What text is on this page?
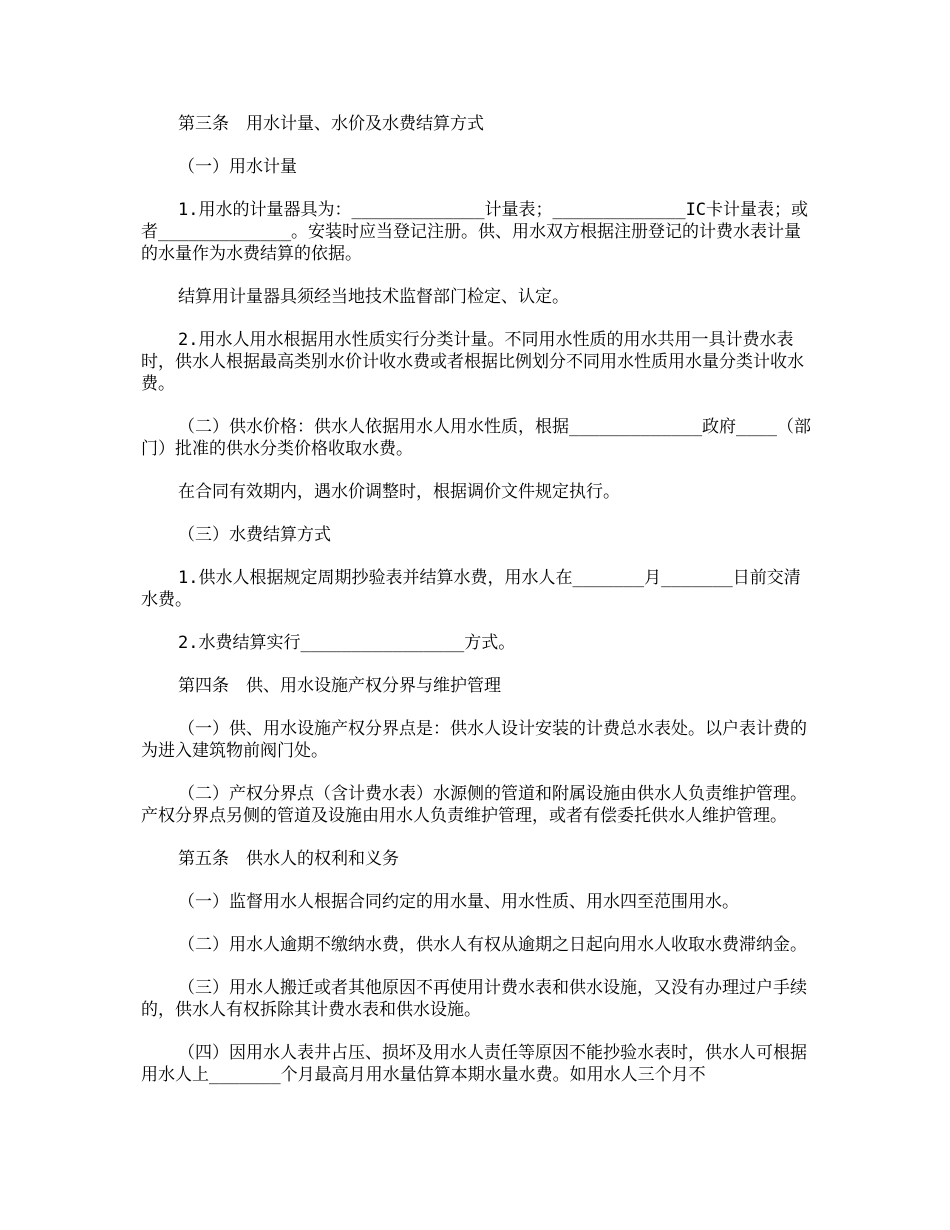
第三条　用水计量、水价及水费结算方式

（一）用水计量

1.用水的计量器具为：_____________计量表；_____________IC卡计量表；或者_____________。安装时应当登记注册。供、用水双方根据注册登记的计费水表计量的水量作为水费结算的依据。

结算用计量器具须经当地技术监督部门检定、认定。

2.用水人用水根据用水性质实行分类计量。不同用水性质的用水共用一具计费水表时，供水人根据最高类别水价计收水费或者根据比例划分不同用水性质用水量分类计收水费。

（二）供水价格：供水人依据用水人用水性质，根据_____________政府____（部门）批准的供水分类价格收取水费。

在合同有效期内，遇水价调整时，根据调价文件规定执行。

（三）水费结算方式

1.供水人根据规定周期抄验表并结算水费，用水人在_______月_______日前交清水费。

2.水费结算实行________________方式。

第四条　供、用水设施产权分界与维护管理

（一）供、用水设施产权分界点是：供水人设计安装的计费总水表处。以户表计费的为进入建筑物前阀门处。

（二）产权分界点（含计费水表）水源侧的管道和附属设施由供水人负责维护管理。产权分界点另侧的管道及设施由用水人负责维护管理，或者有偿委托供水人维护管理。

第五条　供水人的权利和义务

（一）监督用水人根据合同约定的用水量、用水性质、用水四至范围用水。

（二）用水人逾期不缴纳水费，供水人有权从逾期之日起向用水人收取水费滞纳金。

（三）用水人搬迁或者其他原因不再使用计费水表和供水设施，又没有办理过户手续的，供水人有权拆除其计费水表和供水设施。

（四）因用水人表井占压、损坏及用水人责任等原因不能抄验水表时，供水人可根据用水人上_______个月最高月用水量估算本期水量水费。如用水人三个月不
